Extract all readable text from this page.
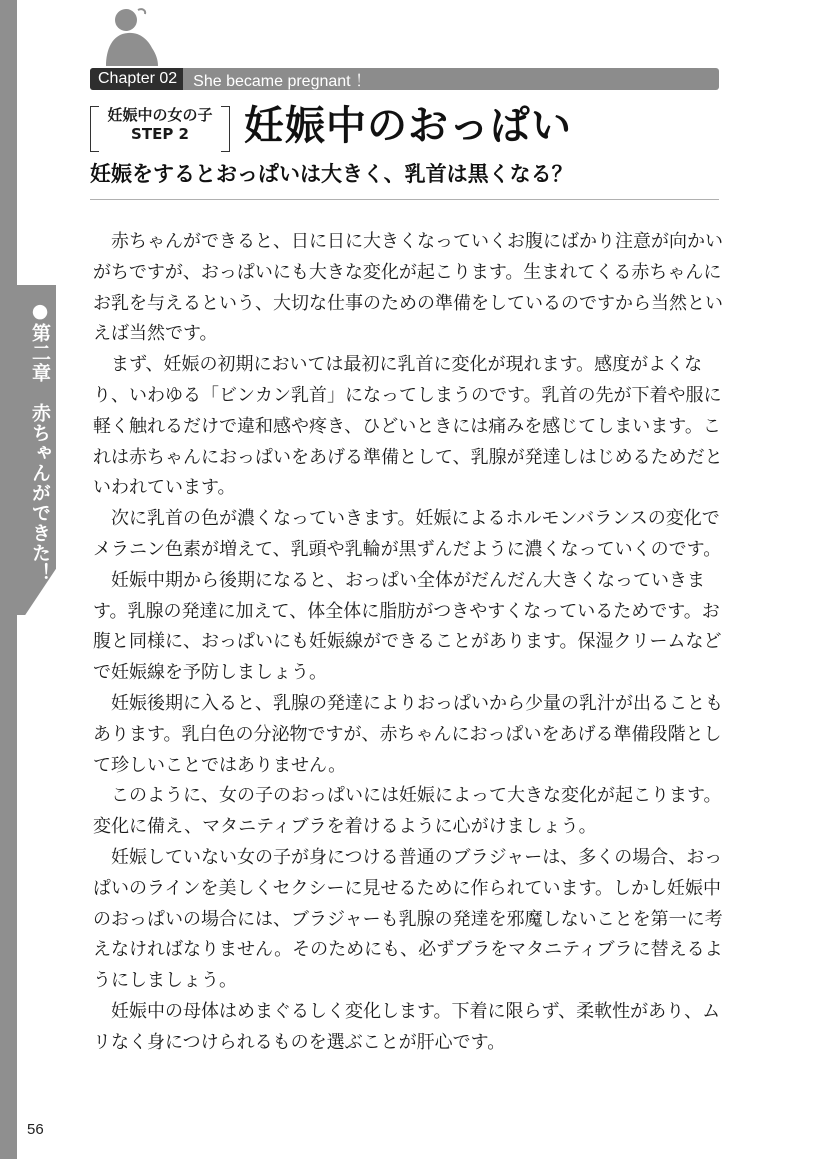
●第二章　赤ちゃんができた！
Chapter 02	She became pregnant ！
妊娠中の女の子
STEP 2	妊娠中のおっぱい
妊娠をするとおっぱいは大きく、乳首は黒くなる？

赤ちゃんができると、日に日に大きくなっていくお腹にばかり注意が向かいがちですが、おっぱいにも大きな変化が起こります。生まれてくる赤ちゃんにお乳を与えるという、大切な仕事のための準備をしているのですから当然といえば当然です。

まず、妊娠の初期においては最初に乳首に変化が現れます。感度がよくなり、いわゆる「ビンカン乳首」になってしまうのです。乳首の先が下着や服に軽く触れるだけで違和感や疼き、ひどいときには痛みを感じてしまいます。これは赤ちゃんにおっぱいをあげる準備として、乳腺が発達しはじめるためだといわれています。

次に乳首の色が濃くなっていきます。妊娠によるホルモンバランスの変化でメラニン色素が増えて、乳頭や乳輪が黒ずんだように濃くなっていくのです。

妊娠中期から後期になると、おっぱい全体がだんだん大きくなっていきます。乳腺の発達に加えて、体全体に脂肪がつきやすくなっているためです。お腹と同様に、おっぱいにも妊娠線ができることがあります。保湿クリームなどで妊娠線を予防しましょう。

妊娠後期に入ると、乳腺の発達によりおっぱいから少量の乳汁が出ることもあります。乳白色の分泌物ですが、赤ちゃんにおっぱいをあげる準備段階として珍しいことではありません。

このように、女の子のおっぱいには妊娠によって大きな変化が起こります。変化に備え、マタニティブラを着けるように心がけましょう。

妊娠していない女の子が身につける普通のブラジャーは、多くの場合、おっぱいのラインを美しくセクシーに見せるために作られています。しかし妊娠中のおっぱいの場合には、ブラジャーも乳腺の発達を邪魔しないことを第一に考えなければなりません。そのためにも、必ずブラをマタニティブラに替えるようにしましょう。

妊娠中の母体はめまぐるしく変化します。下着に限らず、柔軟性があり、ムリなく身につけられるものを選ぶことが肝心です。

56
